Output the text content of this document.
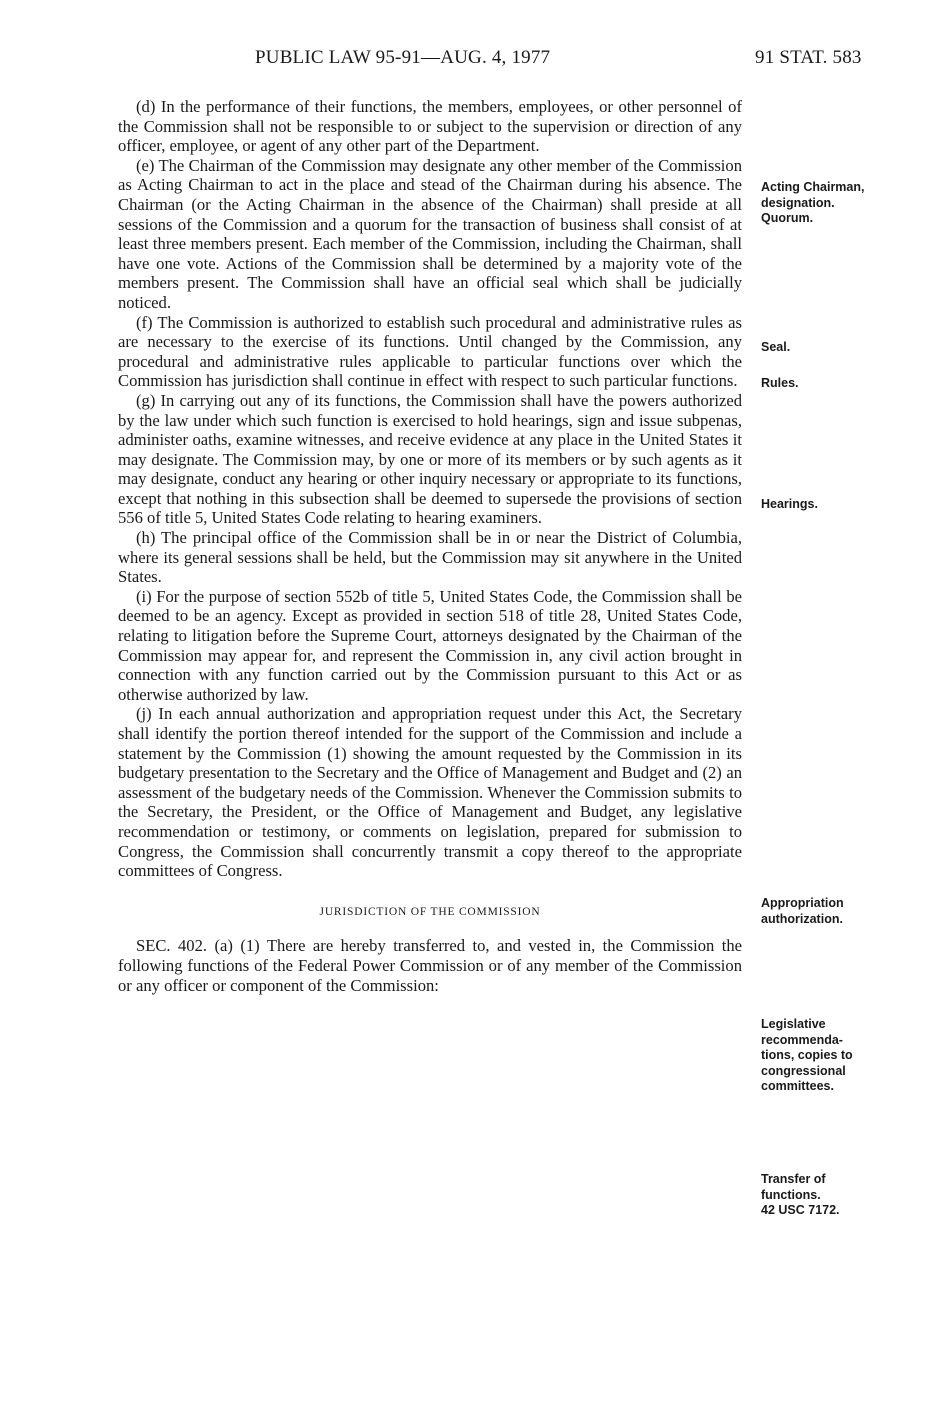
PUBLIC LAW 95-91—AUG. 4, 1977	91 STAT. 583

(d) In the performance of their functions, the members, employees, or other personnel of the Commission shall not be responsible to or subject to the supervision or direction of any officer, employee, or agent of any other part of the Department.

(e) The Chairman of the Commission may designate any other member of the Commission as Acting Chairman to act in the place and stead of the Chairman during his absence. The Chairman (or the Acting Chairman in the absence of the Chairman) shall preside at all sessions of the Commission and a quorum for the transaction of business shall consist of at least three members present. Each member of the Commission, including the Chairman, shall have one vote. Actions of the Commission shall be determined by a majority vote of the members present. The Commission shall have an official seal which shall be judicially noticed.

(f) The Commission is authorized to establish such procedural and administrative rules as are necessary to the exercise of its functions. Until changed by the Commission, any procedural and administrative rules applicable to particular functions over which the Commission has jurisdiction shall continue in effect with respect to such particular functions.

(g) In carrying out any of its functions, the Commission shall have the powers authorized by the law under which such function is exercised to hold hearings, sign and issue subpenas, administer oaths, examine witnesses, and receive evidence at any place in the United States it may designate. The Commission may, by one or more of its members or by such agents as it may designate, conduct any hearing or other inquiry necessary or appropriate to its functions, except that nothing in this subsection shall be deemed to supersede the provisions of section 556 of title 5, United States Code relating to hearing examiners.

(h) The principal office of the Commission shall be in or near the District of Columbia, where its general sessions shall be held, but the Commission may sit anywhere in the United States.

(i) For the purpose of section 552b of title 5, United States Code, the Commission shall be deemed to be an agency. Except as provided in section 518 of title 28, United States Code, relating to litigation before the Supreme Court, attorneys designated by the Chairman of the Commission may appear for, and represent the Commission in, any civil action brought in connection with any function carried out by the Commission pursuant to this Act or as otherwise authorized by law.

(j) In each annual authorization and appropriation request under this Act, the Secretary shall identify the portion thereof intended for the support of the Commission and include a statement by the Commission (1) showing the amount requested by the Commission in its budgetary presentation to the Secretary and the Office of Management and Budget and (2) an assessment of the budgetary needs of the Commission. Whenever the Commission submits to the Secretary, the President, or the Office of Management and Budget, any legislative recommendation or testimony, or comments on legislation, prepared for submission to Congress, the Commission shall concurrently transmit a copy thereof to the appropriate committees of Congress.

JURISDICTION OF THE COMMISSION

SEC. 402. (a) (1) There are hereby transferred to, and vested in, the Commission the following functions of the Federal Power Commission or of any member of the Commission or any officer or component of the Commission:

Acting Chairman,
designation.
Quorum.
Seal.
Rules.
Hearings.
Appropriation
authorization.
Legislative
recommenda-
tions, copies to
congressional
committees.
Transfer of
functions.
42 USC 7172.
